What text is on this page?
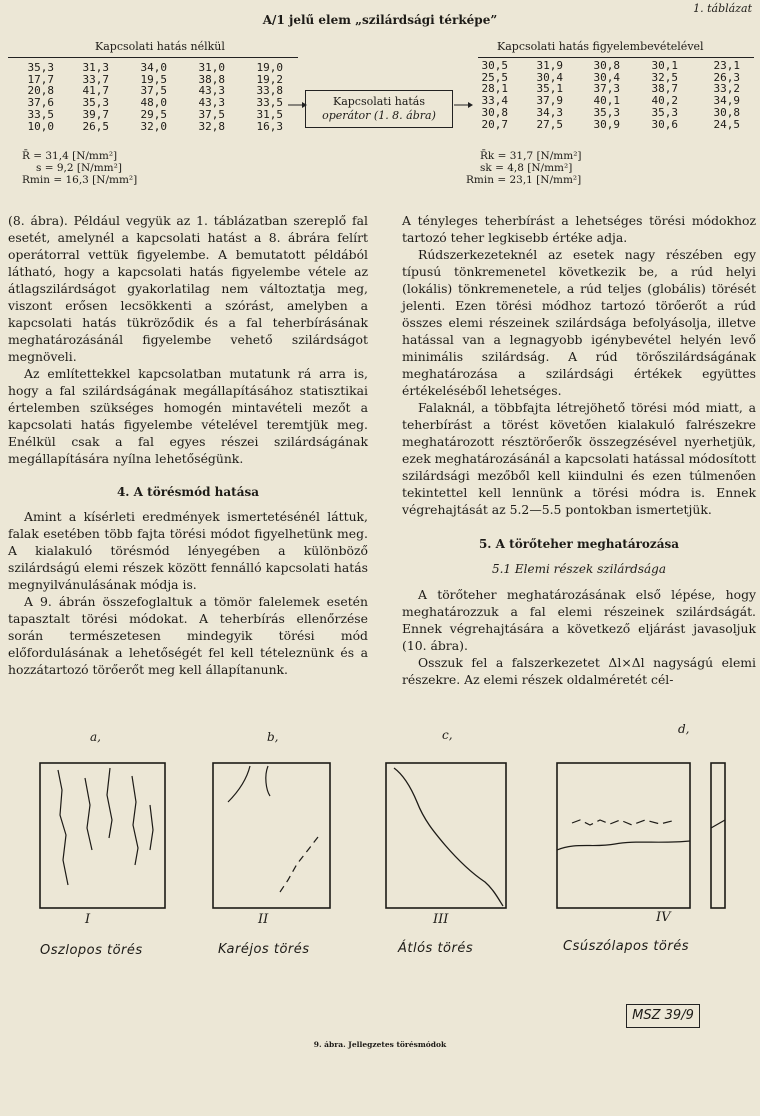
1. táblázat
A/1 jelű elem „szilárdsági térképe”
Kapcsolati hatás nélkül	Kapcsolati hatás figyelembevételével
35,3	31,3	34,0	31,0	19,0
17,7	33,7	19,5	38,8	19,2
20,8	41,7	37,5	43,3	33,8
37,6	35,3	48,0	43,3	33,5
33,5	39,7	29,5	37,5	31,5
10,0	26,5	32,0	32,8	16,3
30,5	31,9	30,8	30,1	23,1
25,5	30,4	30,4	32,5	26,3
28,1	35,1	37,3	38,7	33,2
33,4	37,9	40,1	40,2	34,9
30,8	34,3	35,3	35,3	30,8
20,7	27,5	30,9	30,6	24,5
Kapcsolati hatás
operátor (1. 8. ábra)
R̄ = 31,4 [N/mm²]
s = 9,2 [N/mm²]
Rmin = 16,3 [N/mm²]
R̄k = 31,7 [N/mm²]
sk = 4,8 [N/mm²]
Rmin = 23,1 [N/mm²]

(8. ábra). Például vegyük az 1. táblázatban szereplő fal esetét, amelynél a kapcsolati hatást a 8. ábrára felírt operátorral vettük figyelembe. A bemutatott példából látható, hogy a kapcsolati hatás figyelembe vétele az átlagszilárdságot gyakorlatilag nem változtatja meg, viszont erősen lecsökkenti a szórást, amelyben a kapcsolati hatás tükröződik és a fal teherbírásának meghatározásánál figyelembe vehető szilárdságot megnöveli.

Az említettekkel kapcsolatban mutatunk rá arra is, hogy a fal szilárdságának megállapításához statisztikai értelemben szükséges homogén mintavételi mezőt a kapcsolati hatás figyelembe vételével teremtjük meg. Enélkül csak a fal egyes részei szilárdságának megállapítására nyílna lehetőségünk.

4. A törésmód hatása

Amint a kísérleti eredmények ismertetésénél láttuk, falak esetében több fajta törési módot figyelhetünk meg. A kialakuló törésmód lényegében a különböző szilárdságú elemi részek között fennálló kapcsolati hatás megnyilvánulásának módja is.

A 9. ábrán összefoglaltuk a tömör falelemek esetén tapasztalt törési módokat. A teherbírás ellenőrzése során természetesen mindegyik törési mód előfordulásának a lehetőségét fel kell tételeznünk és a hozzátartozó törőerőt meg kell állapítanunk.

A tényleges teherbírást a lehetséges törési módokhoz tartozó teher legkisebb értéke adja.

Rúdszerkezeteknél az esetek nagy részében egy típusú tönkremenetel következik be, a rúd helyi (lokális) tönkremenetele, a rúd teljes (globális) törését jelenti. Ezen törési módhoz tartozó törőerőt a rúd összes elemi részeinek szilárdsága befolyásolja, illetve hatással van a legnagyobb igénybevétel helyén levő minimális szilárdság. A rúd törőszilárdságának meghatározása a szilárdsági értékek együttes értékeléséből lehetséges.

Falaknál, a többfajta létrejöhető törési mód miatt, a teherbírást a törést követően kialakuló falrészekre meghatározott résztörőerők összegzésével nyerhetjük, ezek meghatározásánál a kapcsolati hatással módosított szilárdsági mezőből kell kiindulni és ezen túlmenően tekintettel kell lennünk a törési módra is. Ennek végrehajtását az 5.2—5.5 pontokban ismertetjük.

5. A törőteher meghatározása
5.1 Elemi részek szilárdsága

A törőteher meghatározásának első lépése, hogy meghatározzuk a fal elemi részeinek szilárdságát. Ennek végrehajtására a következő eljárást javasoljuk (10. ábra).

Osszuk fel a falszerkezetet Δl×Δl nagyságú elemi részekre. Az elemi részek oldalméretét cél-

a,	b,	c,	d,
I	II	III	IV
Oszlopos törés	Karéjos törés	Átlós törés	Csúszólapos törés
MSZ 39/9
9. ábra. Jellegzetes törésmódok
